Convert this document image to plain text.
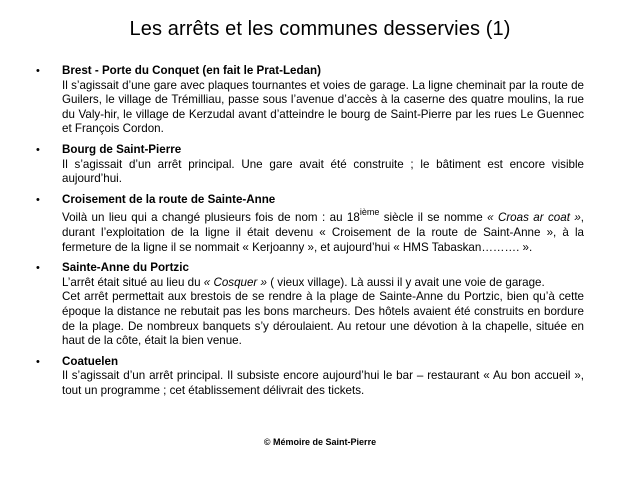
Les arrêts et les communes desservies (1)
• Brest - Porte du Conquet (en fait le Prat-Ledan)
Il s’agissait d’une gare avec plaques tournantes et voies de garage. La ligne cheminait par la route de Guilers, le village de Trémilliau, passe sous l’avenue d’accès à la caserne des quatre moulins, la rue du Valy-hir, le village de Kerzudal avant d’atteindre le bourg de Saint-Pierre par les rues Le Guennec et François Cordon.
• Bourg de Saint-Pierre
Il s’agissait d’un arrêt principal. Une gare avait été construite ; le bâtiment est encore visible aujourd’hui.
• Croisement de la route de Sainte-Anne
Voilà un lieu qui a changé plusieurs fois de nom : au 18ième siècle il se nomme « Croas ar coat », durant l’exploitation de la ligne il était devenu « Croisement de la route de Saint-Anne », à la fermeture de la ligne il se nommait « Kerjoanny », et aujourd’hui « HMS Tabaskan………. ».
• Sainte-Anne du Portzic
L’arrêt était situé au lieu du « Cosquer » ( vieux village). Là aussi il y avait une voie de garage.
Cet arrêt permettait aux brestois de se rendre à la plage de Sainte-Anne du Portzic, bien qu’à cette époque la distance ne rebutait pas les bons marcheurs. Des hôtels avaient été construits en bordure de la plage. De nombreux banquets s’y déroulaient. Au retour une dévotion à la chapelle, située en haut de la côte, était la bien venue.
• Coatuelen
Il s’agissait d’un arrêt principal. Il subsiste encore aujourd’hui le bar – restaurant « Au bon accueil », tout un programme ; cet établissement délivrait des tickets.
© Mémoire de Saint-Pierre
